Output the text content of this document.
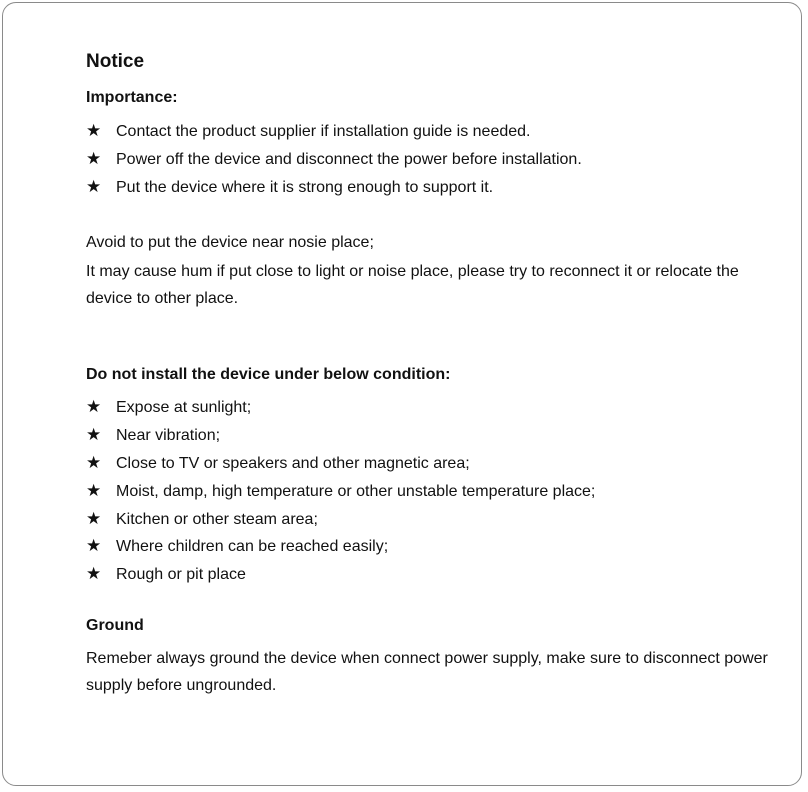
Notice
Importance:
★ Contact the product supplier if installation guide is needed.
★ Power off the device and disconnect the power before installation.
★ Put the device where it is strong enough to support it.

Avoid to put the device near nosie place;

It may cause hum if put close to light or noise place, please try to reconnect it or relocate the device to other place.

Do not install the device under below condition:
★ Expose at sunlight;
★ Near vibration;
★ Close to TV or speakers and other magnetic area;
★ Moist, damp, high temperature or other unstable temperature place;
★ Kitchen or other steam area;
★ Where children can be reached easily;
★ Rough or pit place
Ground

Remeber always ground the device when connect power supply, make sure to disconnect power supply before ungrounded.
